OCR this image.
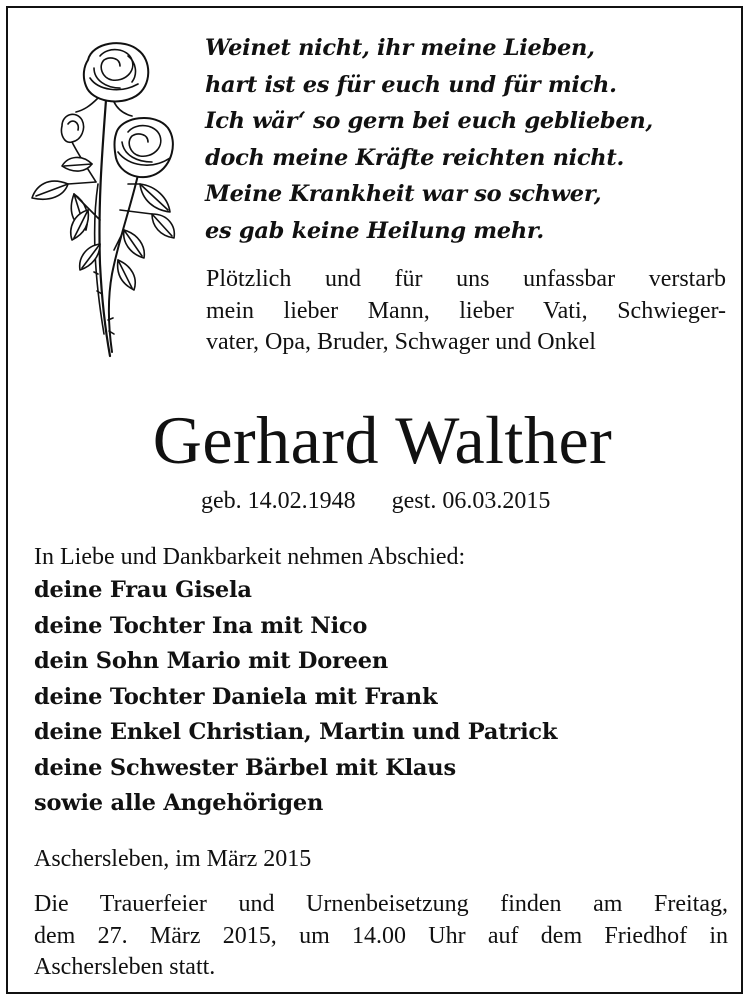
Weinet nicht, ihr meine Lieben,
hart ist es für euch und für mich.
Ich wär‘ so gern bei euch geblieben,
doch meine Kräfte reichten nicht.
Meine Krankheit war so schwer,
es gab keine Heilung mehr.
Plötzlich und für uns unfassbar verstarb
mein lieber Mann, lieber Vati, Schwieger-
vater, Opa, Bruder, Schwager und Onkel
Gerhard Walther
geb. 14.02.1948 gest. 06.03.2015
In Liebe und Dankbarkeit nehmen Abschied:
deine Frau Gisela
deine Tochter Ina mit Nico
dein Sohn Mario mit Doreen
deine Tochter Daniela mit Frank
deine Enkel Christian, Martin und Patrick
deine Schwester Bärbel mit Klaus
sowie alle Angehörigen
Aschersleben, im März 2015
Die Trauerfeier und Urnenbeisetzung finden am Freitag,
dem 27. März 2015, um 14.00 Uhr auf dem Friedhof in
Aschersleben statt.
